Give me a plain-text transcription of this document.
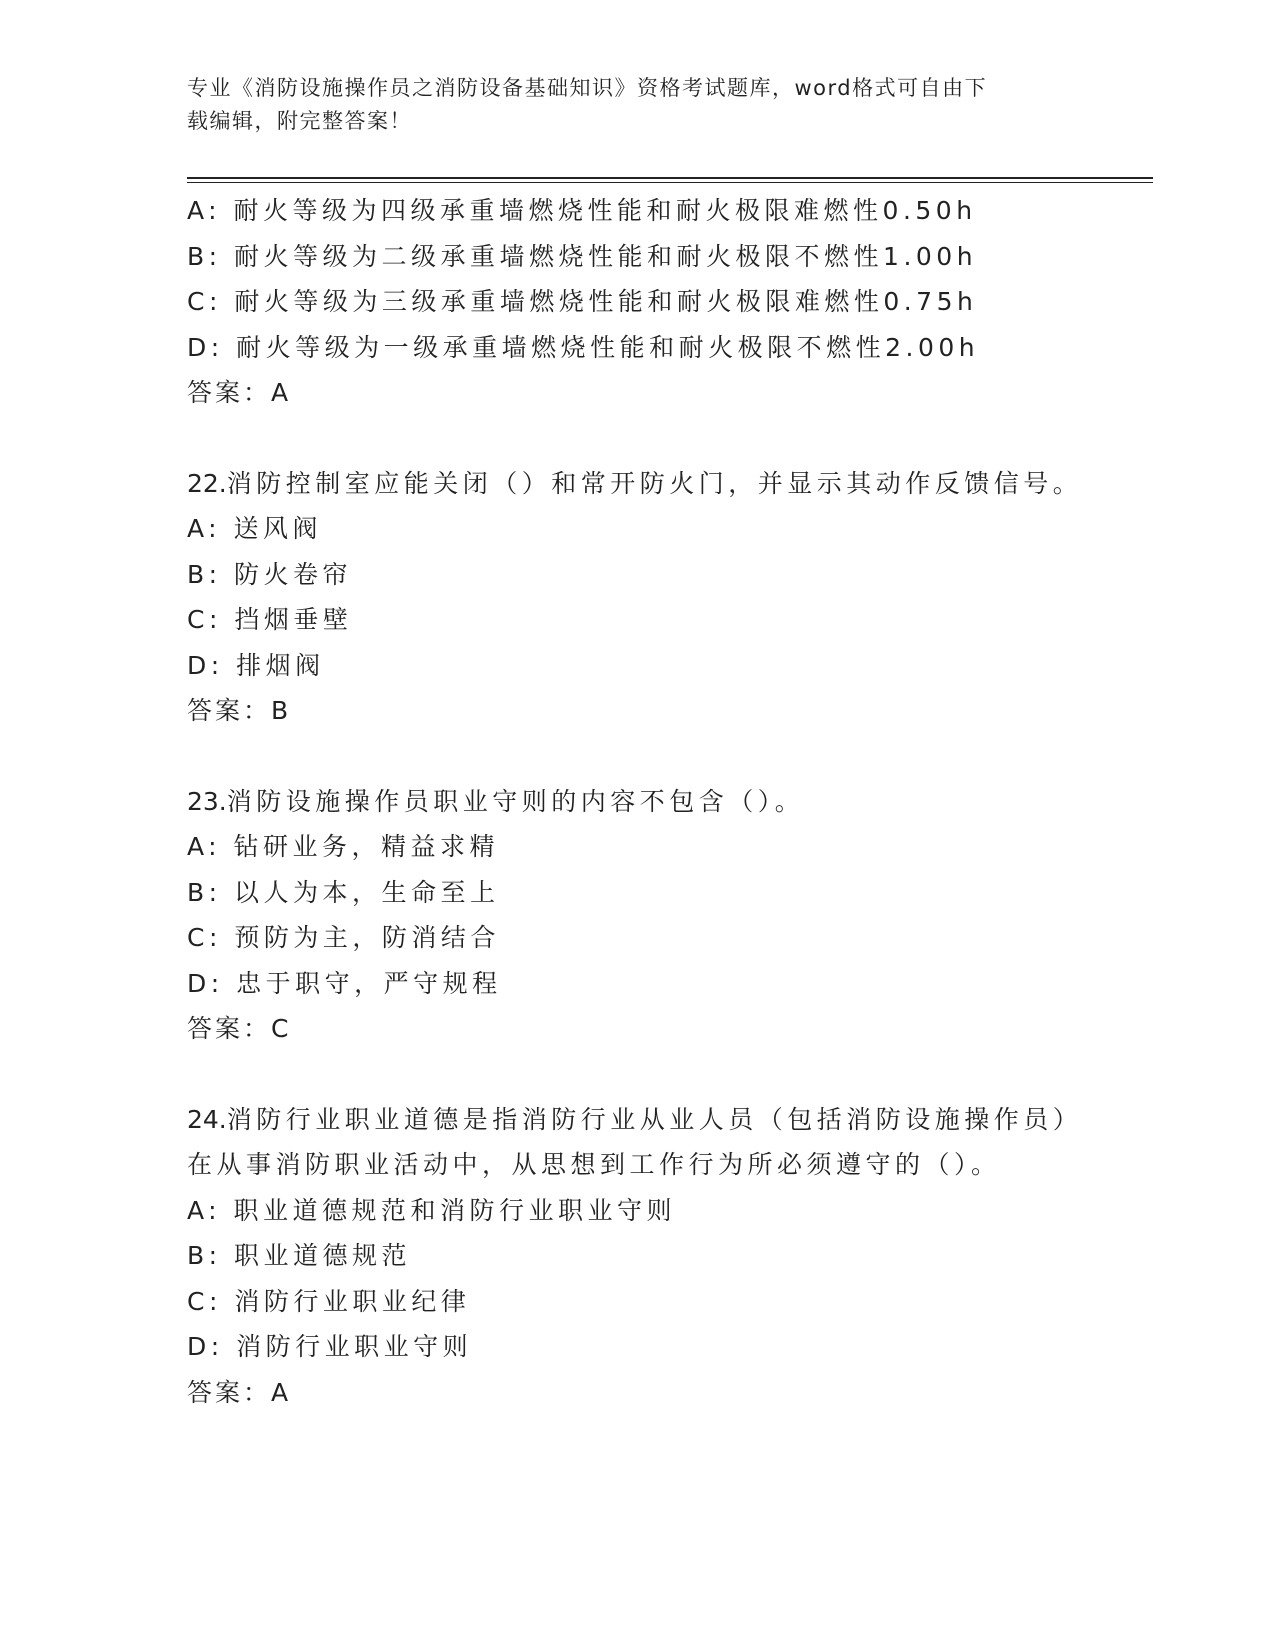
专业《消防设施操作员之消防设备基础知识》资格考试题库，word格式可自由下
载编辑，附完整答案！
A: 耐火等级为四级承重墙燃烧性能和耐火极限难燃性0.50h
B: 耐火等级为二级承重墙燃烧性能和耐火极限不燃性1.00h
C: 耐火等级为三级承重墙燃烧性能和耐火极限难燃性0.75h
D: 耐火等级为一级承重墙燃烧性能和耐火极限不燃性2.00h
答案：A
22.消防控制室应能关闭（）和常开防火门，并显示其动作反馈信号。
A: 送风阀
B: 防火卷帘
C: 挡烟垂壁
D: 排烟阀
答案：B
23.消防设施操作员职业守则的内容不包含（）。
A: 钻研业务，精益求精
B: 以人为本，生命至上
C: 预防为主，防消结合
D: 忠于职守，严守规程
答案：C
24.消防行业职业道德是指消防行业从业人员（包括消防设施操作员）
在从事消防职业活动中，从思想到工作行为所必须遵守的（）。
A: 职业道德规范和消防行业职业守则
B: 职业道德规范
C: 消防行业职业纪律
D: 消防行业职业守则
答案：A
